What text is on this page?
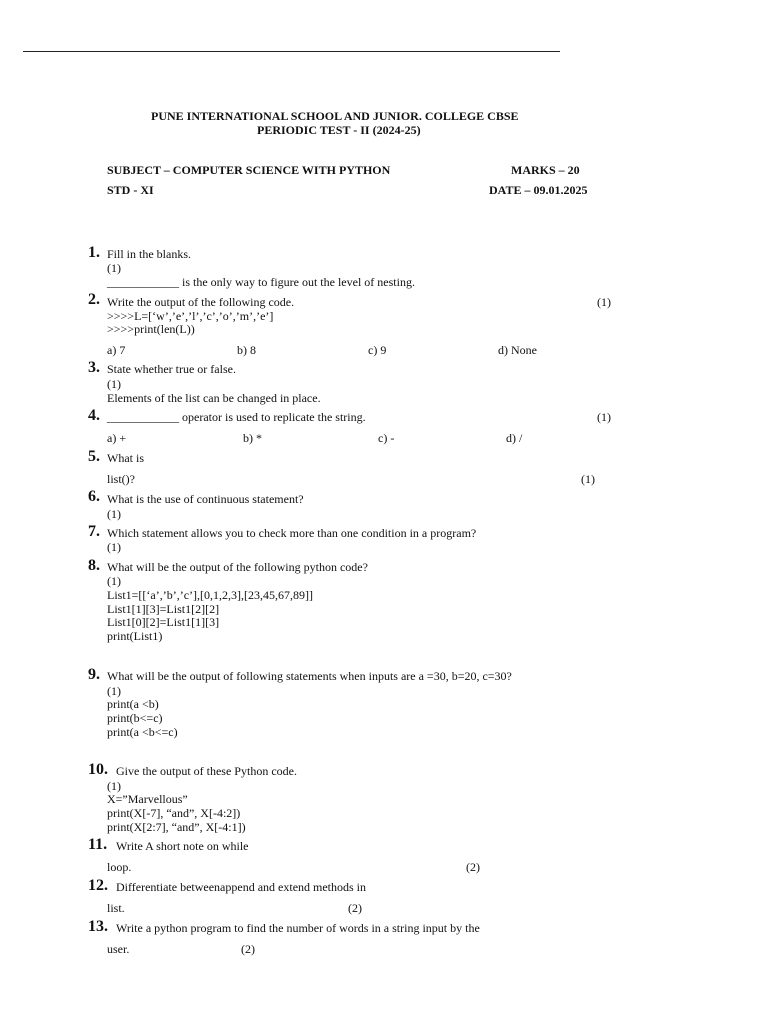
PUNE INTERNATIONAL SCHOOL AND JUNIOR. COLLEGE CBSE
PERIODIC TEST - II (2024-25)
SUBJECT – COMPUTER SCIENCE WITH PYTHON	MARKS – 20
STD - XI	DATE – 09.01.2025
1. Fill in the blanks.
(1)
____________ is the only way to figure out the level of nesting.
2. Write the output of the following code.	(1)
>>>>L=[‘w’,’e’,’l’,’c’,’o’,’m’,’e’]
>>>>print(len(L))
a) 7	b) 8	c) 9	d) None
3. State whether true or false.
(1)
Elements of the list can be changed in place.
4. ____________ operator is used to replicate the string.	(1)
a) +	b) *	c) -	d) /
5. What is
list()?	(1)
6. What is the use of continuous statement?
(1)
7. Which statement allows you to check more than one condition in a program?
(1)
8. What will be the output of the following python code?
(1)
List1=[[‘a’,’b’,’c’],[0,1,2,3],[23,45,67,89]]
List1[1][3]=List1[2][2]
List1[0][2]=List1[1][3]
print(List1)
9. What will be the output of following statements when inputs are a =30, b=20, c=30?
(1)
print(a <b)
print(b<=c)
print(a <b<=c)
10. Give the output of these Python code.
(1)
X=”Marvellous”
print(X[-7], “and”, X[-4:2])
print(X[2:7], “and”, X[-4:1])
11. Write A short note on while
loop.	(2)
12. Differentiate betweenappend and extend methods in
list.	(2)
13. Write a python program to find the number of words in a string input by the
user.	(2)
